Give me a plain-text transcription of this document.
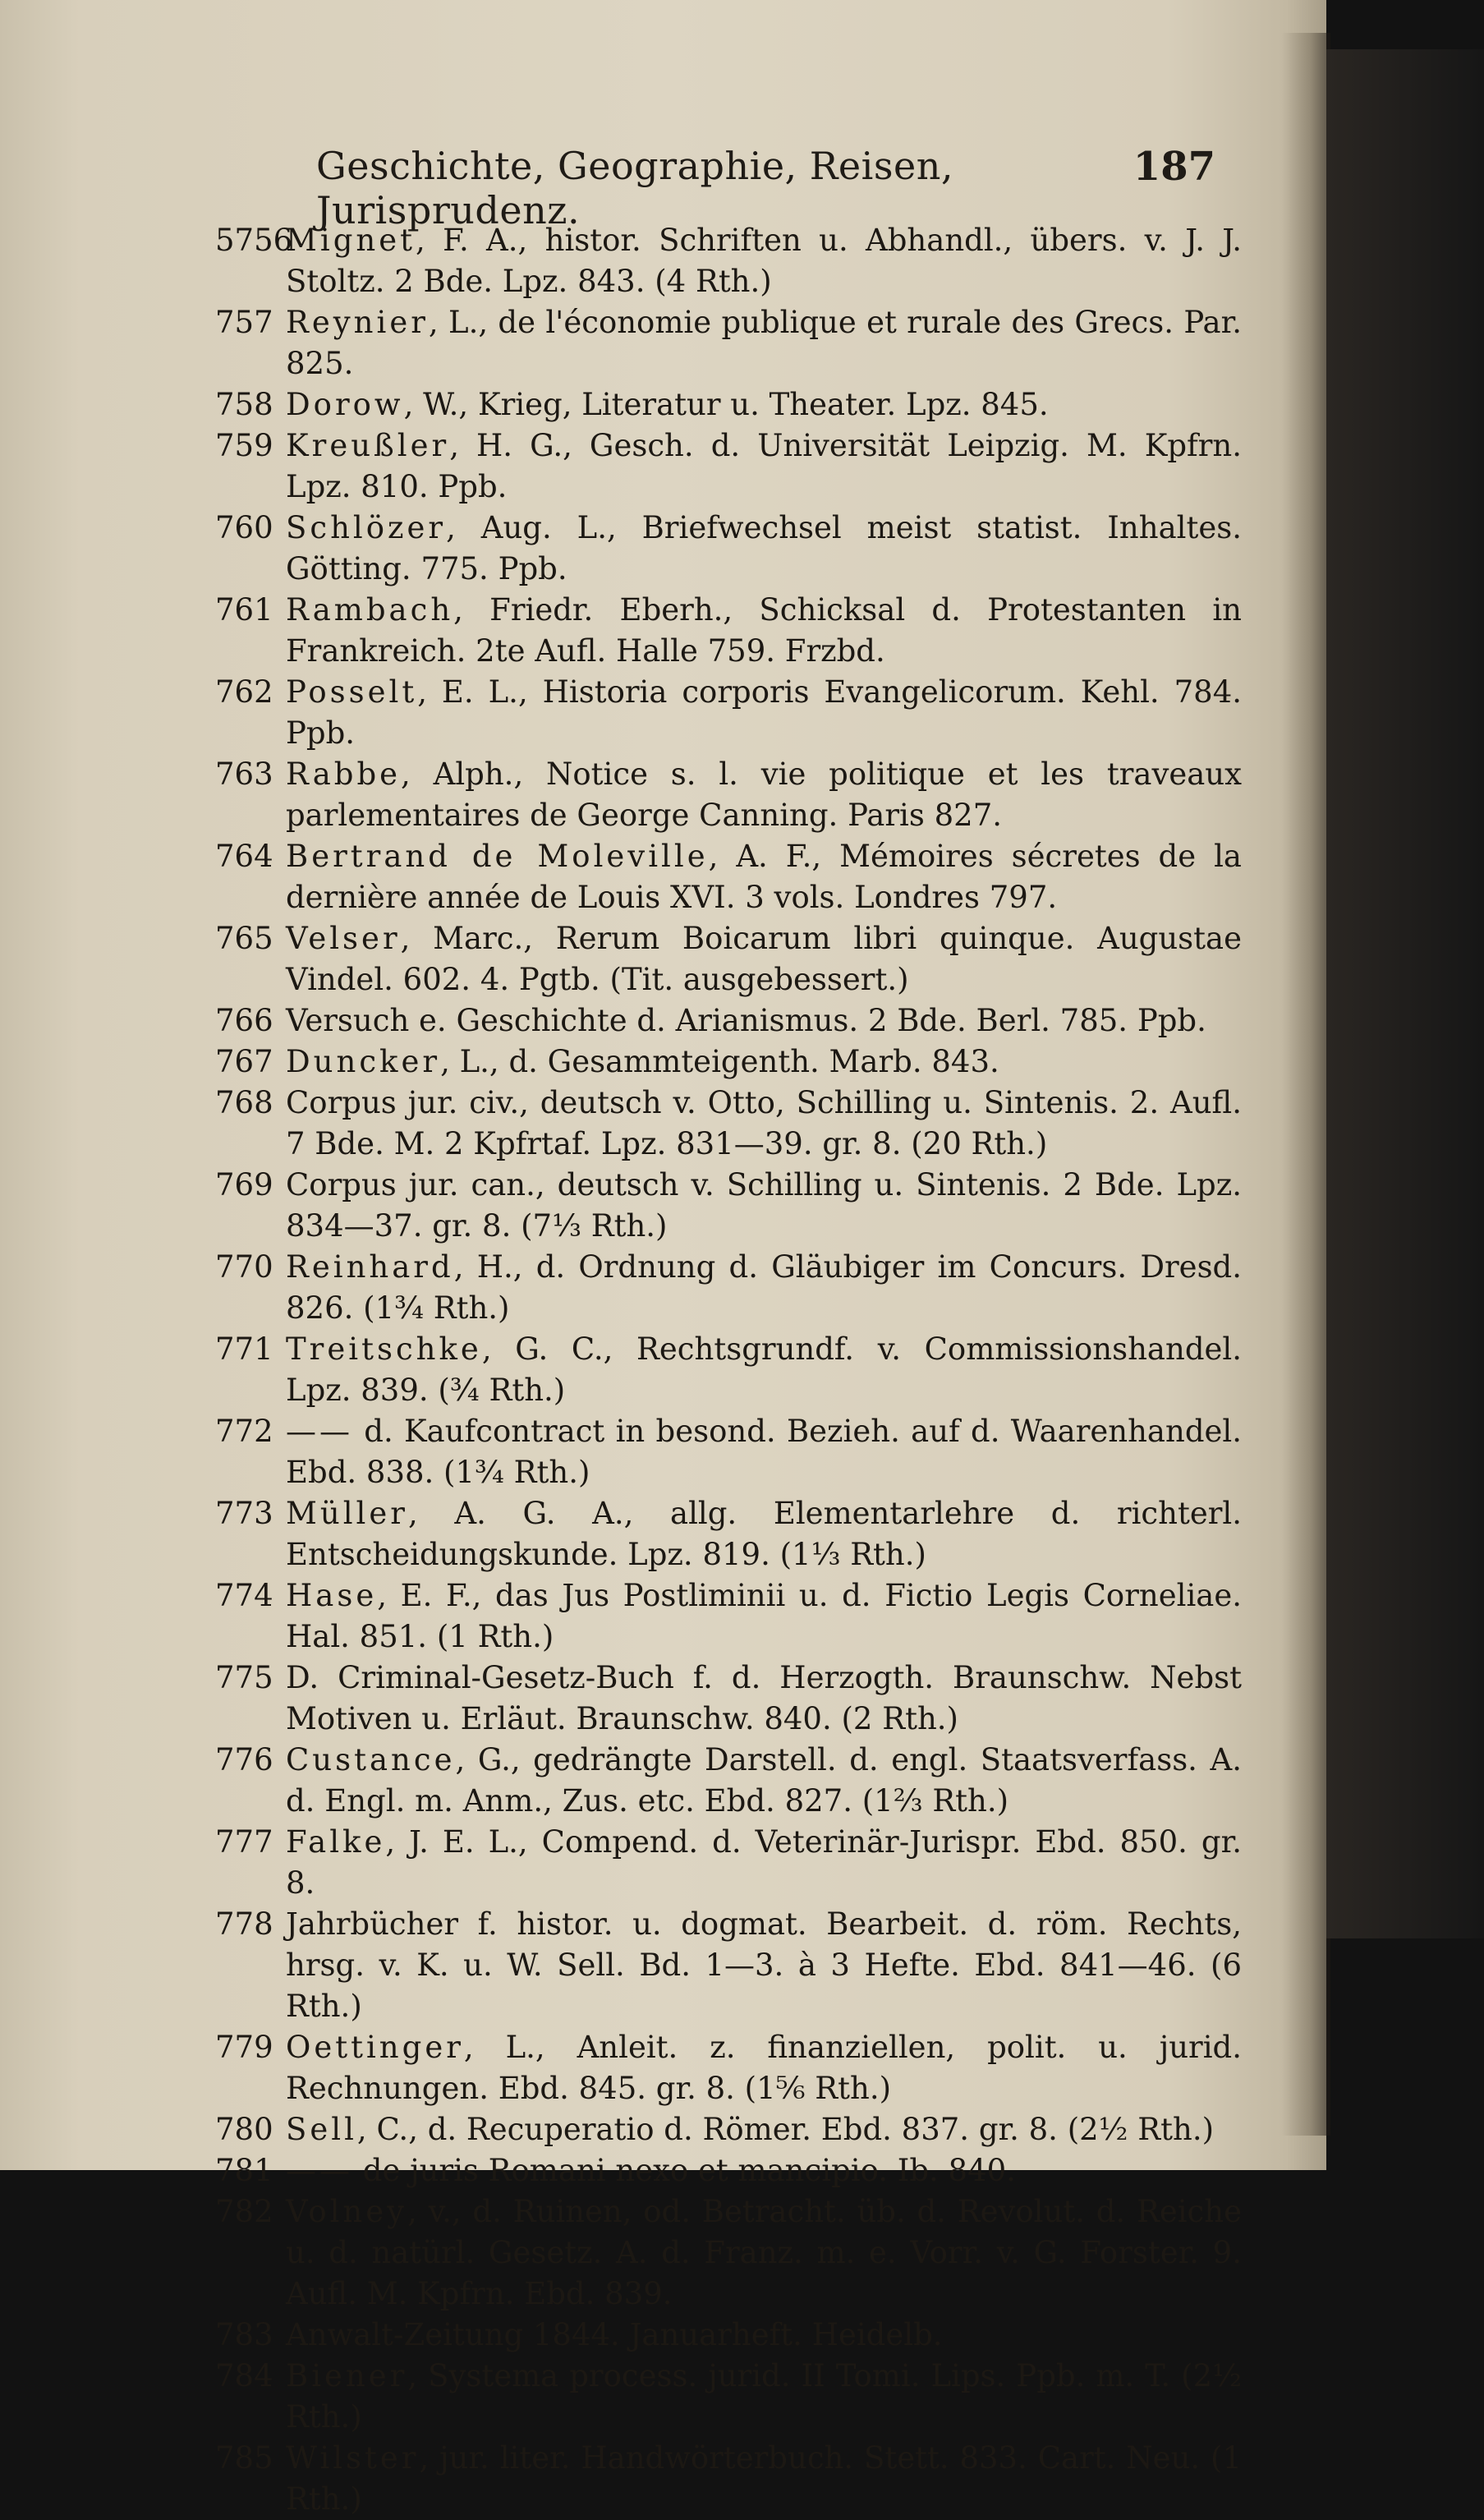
Geschichte, Geographie, Reisen, Jurisprudenz.
187
5756
Mignet, F. A., histor. Schriften u. Abhandl., übers. v. J. J. Stoltz. 2 Bde. Lpz. 843. (4 Rth.)
757 Reynier, L., de l'économie publique et rurale des Grecs. Par. 825.
758 Dorow, W., Krieg, Literatur u. Theater. Lpz. 845.
759 Kreußler, H. G., Gesch. d. Universität Leipzig. M. Kpfrn. Lpz. 810. Ppb.
760 Schlözer, Aug. L., Briefwechsel meist statist. Inhaltes. Götting. 775. Ppb.
761 Rambach, Friedr. Eberh., Schicksal d. Protestanten in Frankreich. 2te Aufl. Halle 759. Frzbd.
762 Posselt, E. L., Historia corporis Evangelicorum. Kehl. 784. Ppb.
763 Rabbe, Alph., Notice s. l. vie politique et les traveaux parlementaires de George Canning. Paris 827.
764 Bertrand de Moleville, A. F., Mémoires sécretes de la dernière année de Louis XVI. 3 vols. Londres 797.
765 Velser, Marc., Rerum Boicarum libri quinque. Augustae Vindel. 602. 4. Pgtb. (Tit. ausgebessert.)
766 Versuch e. Geschichte d. Arianismus. 2 Bde. Berl. 785. Ppb.
767 Duncker, L., d. Gesammteigenth. Marb. 843.
768 Corpus jur. civ., deutsch v. Otto, Schilling u. Sintenis. 2. Aufl. 7 Bde. M. 2 Kpfrtaf. Lpz. 831—39. gr. 8. (20 Rth.)
769 Corpus jur. can., deutsch v. Schilling u. Sintenis. 2 Bde. Lpz. 834—37. gr. 8. (7⅓ Rth.)
770 Reinhard, H., d. Ordnung d. Gläubiger im Concurs. Dresd. 826. (1¾ Rth.)
771 Treitschke, G. C., Rechtsgrundf. v. Commissionshandel. Lpz. 839. (¾ Rth.)
772 —— d. Kaufcontract in besond. Bezieh. auf d. Waarenhandel. Ebd. 838. (1¾ Rth.)
773 Müller, A. G. A., allg. Elementarlehre d. richterl. Entscheidungskunde. Lpz. 819. (1⅓ Rth.)
774 Hase, E. F., das Jus Postliminii u. d. Fictio Legis Corneliae. Hal. 851. (1 Rth.)
775 D. Criminal-Gesetz-Buch f. d. Herzogth. Braunschw. Nebst Motiven u. Erläut. Braunschw. 840. (2 Rth.)
776 Custance, G., gedrängte Darstell. d. engl. Staatsverfass. A. d. Engl. m. Anm., Zus. etc. Ebd. 827. (1⅔ Rth.)
777 Falke, J. E. L., Compend. d. Veterinär-Jurispr. Ebd. 850. gr. 8.
778 Jahrbücher f. histor. u. dogmat. Bearbeit. d. röm. Rechts, hrsg. v. K. u. W. Sell. Bd. 1—3. à 3 Hefte. Ebd. 841—46. (6 Rth.)
779 Oettinger, L., Anleit. z. finanziellen, polit. u. jurid. Rechnungen. Ebd. 845. gr. 8. (1⅚ Rth.)
780 Sell, C., d. Recuperatio d. Römer. Ebd. 837. gr. 8. (2½ Rth.)
781 —— de juris Romani nexo et mancipio. Ib. 840.
782 Volney, v., d. Ruinen, od. Betracht. üb. d. Revolut. d. Reiche u. d. natürl. Gesetz. A. d. Franz. m. e. Vorr. v. G. Forster. 9. Aufl. M. Kpfrn. Ebd. 839.
783 Anwalt-Zeitung 1844. Januarheft. Heidelb.
784 Biener, Systema process. jurid. II Tomi. Lips. Ppb. m. T. (2½ Rth.)
785 Wilster, jur. liter. Handwörterbuch. Stett. 833. Cart. Neu. (1 Rth.)
